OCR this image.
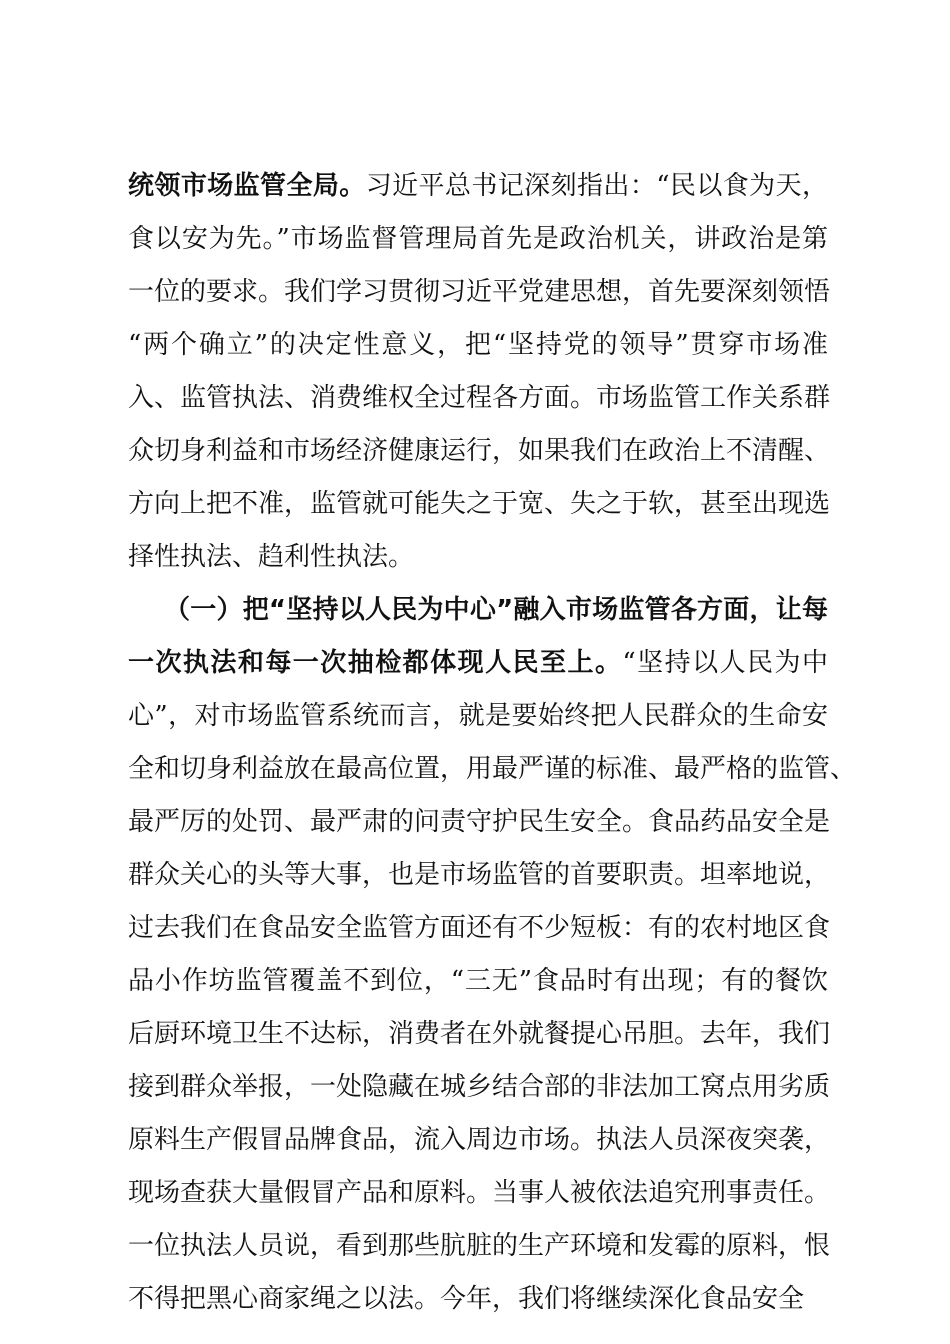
统领市场监管全局。习近平总书记深刻指出：“民以食为天，
食以安为先。”市场监督管理局首先是政治机关，讲政治是第
一位的要求。我们学习贯彻习近平党建思想，首先要深刻领悟
“两个确立”的决定性意义，把“坚持党的领导”贯穿市场准
入、监管执法、消费维权全过程各方面。市场监管工作关系群
众切身利益和市场经济健康运行，如果我们在政治上不清醒、
方向上把不准，监管就可能失之于宽、失之于软，甚至出现选
择性执法、趋利性执法。
（一）把“坚持以人民为中心”融入市场监管各方面，让每
一次执法和每一次抽检都体现人民至上。“坚持以人民为中
心”，对市场监管系统而言，就是要始终把人民群众的生命安
全和切身利益放在最高位置，用最严谨的标准、最严格的监管、
最严厉的处罚、最严肃的问责守护民生安全。食品药品安全是
群众关心的头等大事，也是市场监管的首要职责。坦率地说，
过去我们在食品安全监管方面还有不少短板：有的农村地区食
品小作坊监管覆盖不到位，“三无”食品时有出现；有的餐饮
后厨环境卫生不达标，消费者在外就餐提心吊胆。去年，我们
接到群众举报，一处隐藏在城乡结合部的非法加工窝点用劣质
原料生产假冒品牌食品，流入周边市场。执法人员深夜突袭，
现场查获大量假冒产品和原料。当事人被依法追究刑事责任。
一位执法人员说，看到那些肮脏的生产环境和发霉的原料，恨
不得把黑心商家绳之以法。今年，我们将继续深化食品安全
